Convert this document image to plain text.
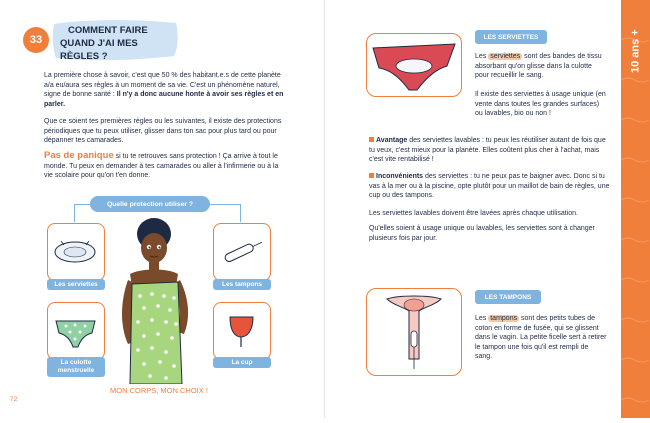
33
COMMENT FAIRE
QUAND J'AI MES RÈGLES ?
La première chose à savoir, c'est que 50 % des habitant.e.s de cette planète a/a eu/aura ses règles à un moment de sa vie. C'est un phénomène naturel, signe de bonne santé : Il n'y a donc aucune honte à avoir ses règles et en parler.
Que ce soient tes premières règles ou les suivantes, il existe des protections périodiques que tu peux utiliser, glisser dans ton sac pour plus tard ou pour dépanner tes camarades.
Pas de panique si tu te retrouves sans protection ! Ça arrive à tout le monde. Tu peux en demander à tes camarades ou aller à l'infirmerie ou à la vie scolaire pour qu'on t'en donne.
Quelle protection utiliser ?
Les serviettes	Les tampons
La culotte menstruelle
La cup
MON CORPS, MON CHOIX !
72
LES SERVIETTES
Les serviettes sont des bandes de tissu absorbant qu'on glisse dans la culotte pour recueillir le sang.
Il existe des serviettes à usage unique (en vente dans toutes les grandes surfaces) ou lavables, bio ou non !
Avantage des serviettes lavables : tu peux les réutiliser autant de fois que tu veux, c'est mieux pour la planète. Elles coûtent plus cher à l'achat, mais c'est vite rentabilisé !
Inconvénients des serviettes : tu ne peux pas te baigner avec. Donc si tu vas à la mer ou à la piscine, opte plutôt pour un maillot de bain de règles, une cup ou des tampons.
Les serviettes lavables doivent être lavées après chaque utilisation.
Qu'elles soient à usage unique ou lavables, les serviettes sont à changer plusieurs fois par jour.
LES TAMPONS
Les tampons sont des petits tubes de coton en forme de fusée, qui se glissent dans le vagin. La petite ficelle sert à retirer le tampon une fois qu'il est rempli de sang.
10 ans +
